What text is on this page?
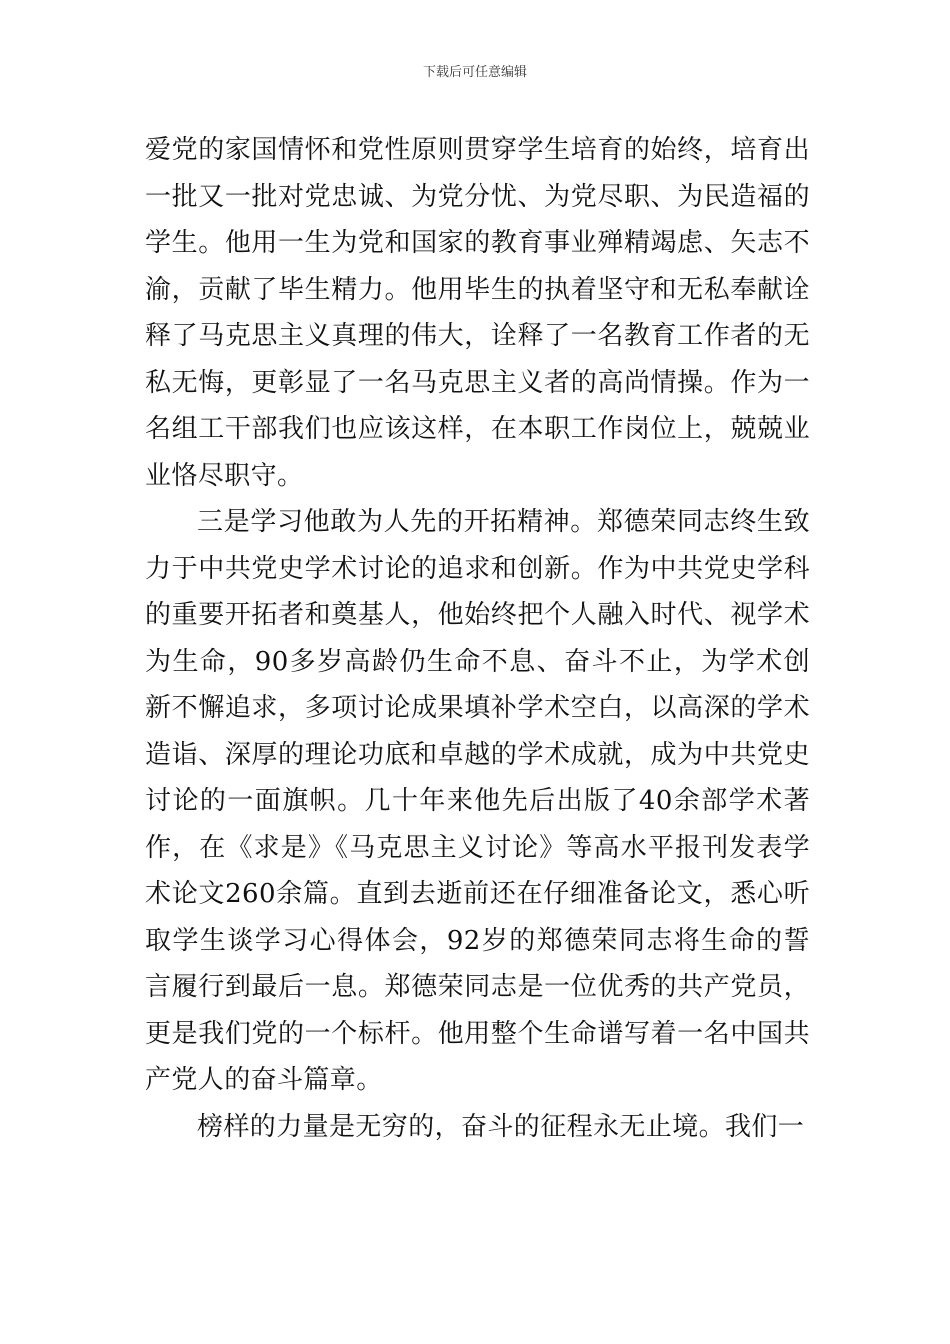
下载后可任意编辑

爱党的家国情怀和党性原则贯穿学生培育的始终，培育出一批又一批对党忠诚、为党分忧、为党尽职、为民造福的学生。他用一生为党和国家的教育事业殚精竭虑、矢志不渝，贡献了毕生精力。他用毕生的执着坚守和无私奉献诠释了马克思主义真理的伟大，诠释了一名教育工作者的无私无悔，更彰显了一名马克思主义者的高尚情操。作为一名组工干部我们也应该这样，在本职工作岗位上，兢兢业业恪尽职守。

三是学习他敢为人先的开拓精神。郑德荣同志终生致力于中共党史学术讨论的追求和创新。作为中共党史学科的重要开拓者和奠基人，他始终把个人融入时代、视学术为生命，90多岁高龄仍生命不息、奋斗不止，为学术创新不懈追求，多项讨论成果填补学术空白，以高深的学术造诣、深厚的理论功底和卓越的学术成就，成为中共党史讨论的一面旗帜。几十年来他先后出版了40余部学术著作，在《求是》《马克思主义讨论》等高水平报刊发表学术论文260余篇。直到去逝前还在仔细准备论文，悉心听取学生谈学习心得体会，92岁的郑德荣同志将生命的誓言履行到最后一息。郑德荣同志是一位优秀的共产党员，更是我们党的一个标杆。他用整个生命谱写着一名中国共产党人的奋斗篇章。

榜样的力量是无穷的，奋斗的征程永无止境。我们一
